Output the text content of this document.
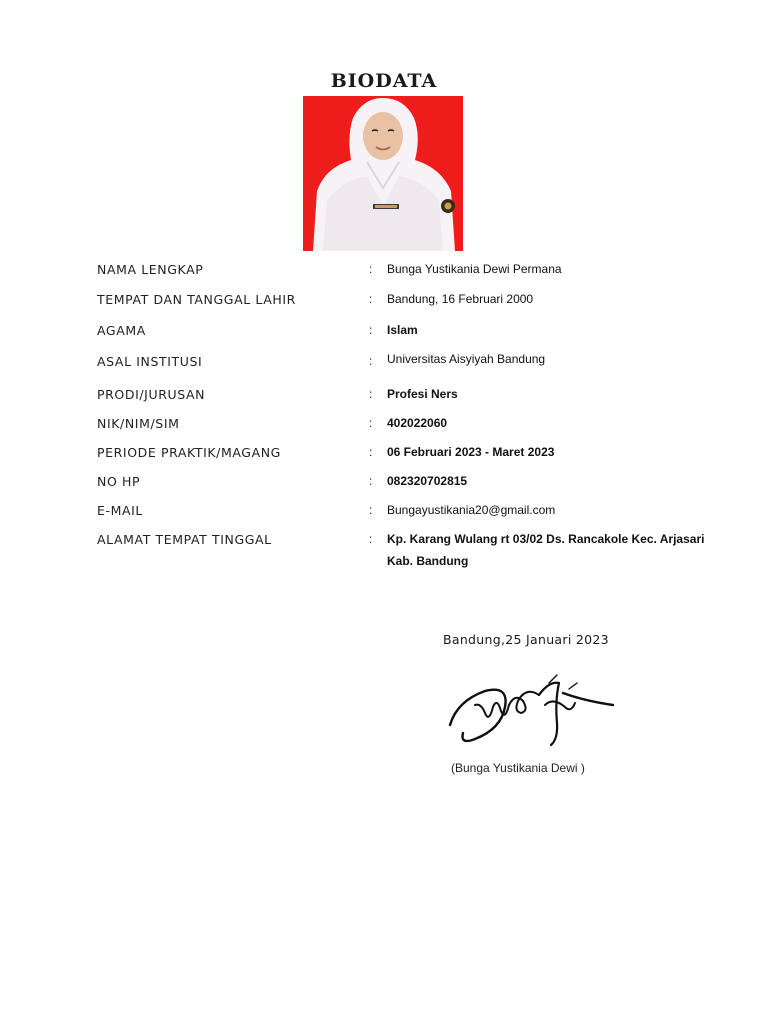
BIODATA
NAMA LENGKAP	: Bunga Yustikania Dewi Permana
TEMPAT DAN TANGGAL LAHIR	: Bandung, 16 Februari 2000
AGAMA	: Islam
ASAL INSTITUSI	: Universitas Aisyiyah Bandung
PRODI/JURUSAN	: Profesi Ners
NIK/NIM/SIM	: 402022060
PERIODE PRAKTIK/MAGANG	: 06 Februari 2023 - Maret 2023
NO HP	: 082320702815
E-MAIL	: Bungayustikania20@gmail.com
ALAMAT TEMPAT TINGGAL	: Kp. Karang Wulang rt 03/02 Ds. Rancakole Kec. Arjasari Kab. Bandung
Bandung,25 Januari 2023
(Bunga Yustikania Dewi )
